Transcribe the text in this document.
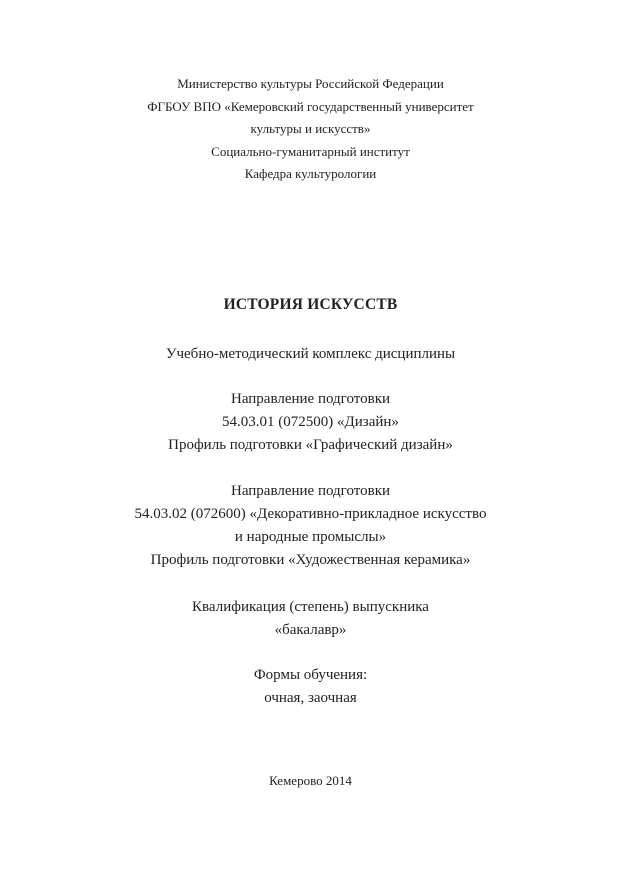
Министерство культуры Российской Федерации
ФГБОУ ВПО «Кемеровский государственный университет
культуры и искусств»
Социально-гуманитарный институт
Кафедра культурологии
ИСТОРИЯ ИСКУССТВ
Учебно-методический комплекс дисциплины
Направление подготовки
54.03.01 (072500) «Дизайн»
Профиль подготовки «Графический дизайн»
Направление подготовки
54.03.02 (072600) «Декоративно-прикладное искусство
и народные промыслы»
Профиль подготовки «Художественная керамика»
Квалификация (степень) выпускника
«бакалавр»
Формы обучения:
очная, заочная
Кемерово 2014
